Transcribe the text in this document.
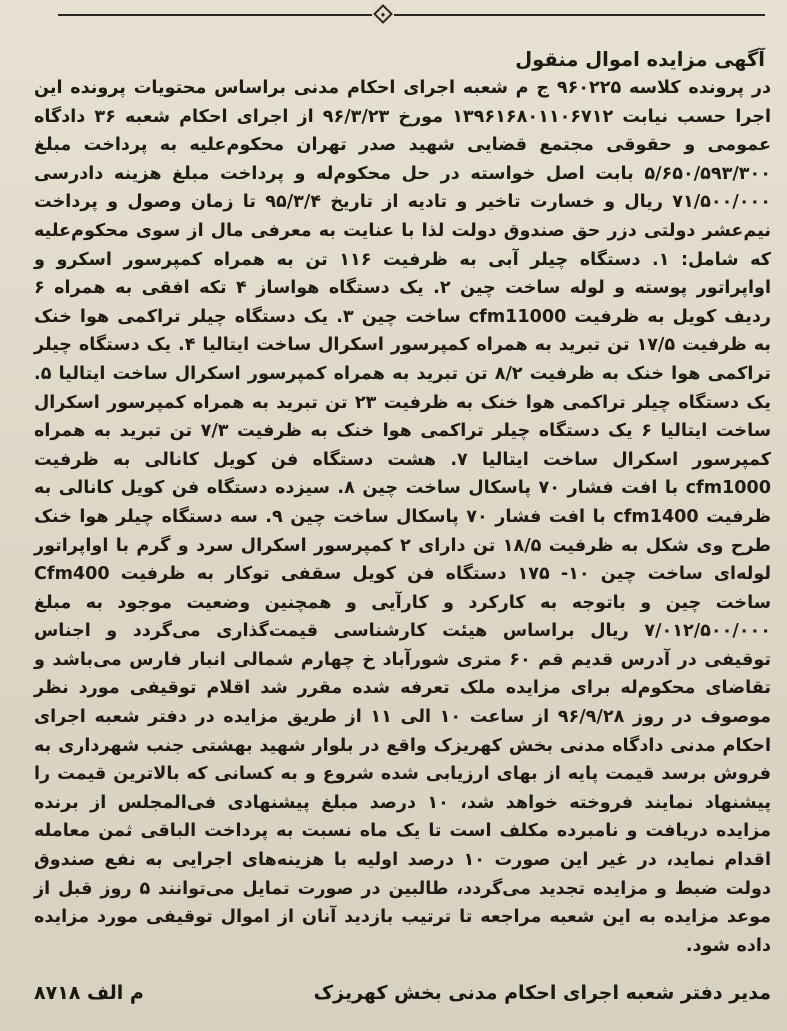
آگهی مزایده اموال منقول

در پرونده کلاسه ۹۶۰۲۲۵ ج م شعبه اجرای احکام مدنی براساس محتویات پرونده این اجرا حسب نیابت ۱۳۹۶۱۶۸۰۱۱۰۶۷۱۲ مورخ ۹۶/۳/۲۳ از اجرای احکام شعبه ۳۶ دادگاه عمومی و حقوقی مجتمع قضایی شهید صدر تهران محکوم‌علیه به پرداخت مبلغ ۵/۶۵۰/۵۹۳/۳۰۰ بابت اصل خواسته در حل محکوم‌له و پرداخت مبلغ هزینه دادرسی ۷۱/۵۰۰/۰۰۰ ریال و خسارت تاخیر و تادیه از تاریخ ۹۵/۳/۴ تا زمان وصول و پرداخت نیم‌عشر دولتی دزر حق صندوق دولت لذا با عنایت به معرفی مال از سوی محکوم‌علیه که شامل: ۱. دستگاه چیلر آبی به ظرفیت ۱۱۶ تن به همراه کمپرسور اسکرو و اواپراتور پوسته و لوله ساخت چین ۲. یک دستگاه هواساز ۴ تکه افقی به همراه ۶ ردیف کویل به ظرفیت cfm11000 ساخت چین ۳. یک دستگاه چیلر تراکمی هوا خنک به ظرفیت ۱۷/۵ تن تبرید به همراه کمپرسور اسکرال ساخت ایتالیا ۴. یک دستگاه چیلر تراکمی هوا خنک به ظرفیت ۸/۲ تن تبرید به همراه کمپرسور اسکرال ساخت ایتالیا ۵. یک دستگاه چیلر تراکمی هوا خنک به ظرفیت ۲۳ تن تبرید به همراه کمپرسور اسکرال ساخت ایتالیا ۶ یک دستگاه چیلر تراکمی هوا خنک به ظرفیت ۷/۳ تن تبرید به همراه کمپرسور اسکرال ساخت ایتالیا ۷. هشت دستگاه فن کویل کانالی به ظرفیت cfm1000 با افت فشار ۷۰ پاسکال ساخت چین ۸. سیزده دستگاه فن کویل کانالی به ظرفیت cfm1400 با افت فشار ۷۰ پاسکال ساخت چین ۹. سه دستگاه چیلر هوا خنک طرح وی شکل به ظرفیت ۱۸/۵ تن دارای ۲ کمپرسور اسکرال سرد و گرم با اواپراتور لوله‌ای ساخت چین ۱۰- ۱۷۵ دستگاه فن کویل سقفی توکار به ظرفیت Cfm400 ساخت چین و باتوجه به کارکرد و کارآیی و همچنین وضعیت موجود به مبلغ ۷/۰۱۲/۵۰۰/۰۰۰ ریال براساس هیئت کارشناسی قیمت‌گذاری می‌گردد و اجناس توقیفی در آدرس قدیم قم ۶۰ متری شورآباد خ چهارم شمالی انبار فارس می‌باشد و تقاضای محکوم‌له برای مزایده ملک تعرفه شده مقرر شد اقلام توقیفی مورد نظر موصوف در روز ۹۶/۹/۲۸ از ساعت ۱۰ الی ۱۱ از طریق مزایده در دفتر شعبه اجرای احکام مدنی دادگاه مدنی بخش کهریزک واقع در بلوار شهید بهشتی جنب شهرداری به فروش برسد قیمت پایه از بهای ارزیابی شده شروع و به کسانی که بالاترین قیمت را پیشنهاد نمایند فروخته خواهد شد، ۱۰ درصد مبلغ پیشنهادی فی‌المجلس از برنده مزایده دریافت و نامبرده مکلف است تا یک ماه نسبت به پرداخت الباقی ثمن معامله اقدام نماید، در غیر این صورت ۱۰ درصد اولیه با هزینه‌های اجرایی به نفع صندوق دولت ضبط و مزایده تجدید می‌گردد، طالبین در صورت تمایل می‌توانند ۵ روز قبل از موعد مزایده به این شعبه مراجعه تا ترتیب بازدید آنان از اموال توقیفی مورد مزایده داده شود.

مدیر دفتر شعبه اجرای احکام مدنی بخش کهریزک
م الف ۸۷۱۸
